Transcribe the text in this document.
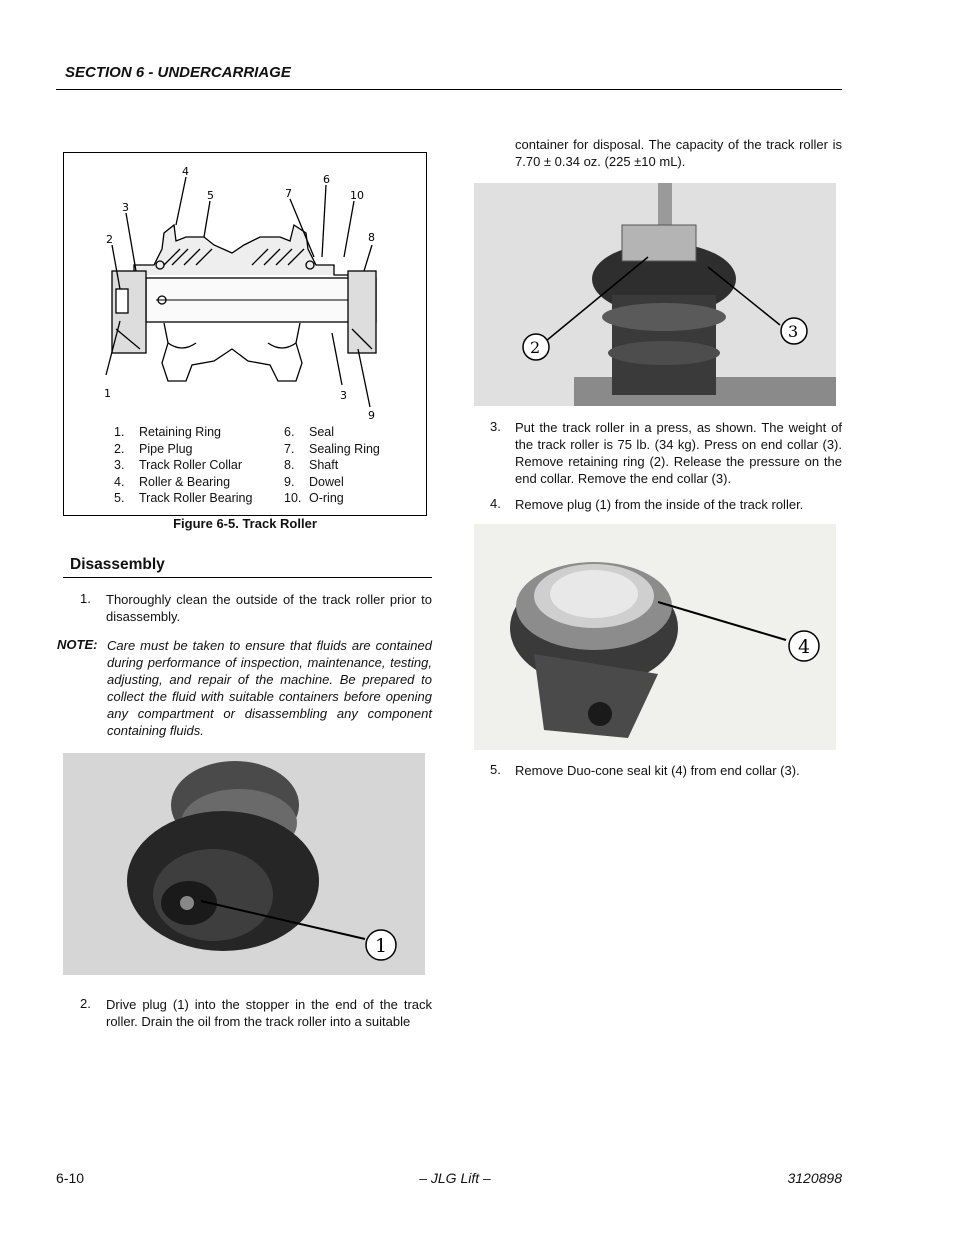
SECTION 6 - UNDERCARRIAGE
4
5
3
2
1
7
6
10
8
3
9
1. Retaining Ring
2. Pipe Plug
3. Track Roller Collar
4. Roller & Bearing
5. Track Roller Bearing
6. Seal
7. Sealing Ring
8. Shaft
9. Dowel
10. O-ring
Figure 6-5. Track Roller
Disassembly
1. Thoroughly clean the outside of the track roller prior to disassembly.
NOTE: Care must be taken to ensure that fluids are contained during performance of inspection, maintenance, testing, adjusting, and repair of the machine. Be prepared to collect the fluid with suitable containers before opening any compartment or disassembling any component containing fluids.
1
2. Drive plug (1) into the stopper in the end of the track roller. Drain the oil from the track roller into a suitable
container for disposal. The capacity of the track roller is 7.70 ± 0.34 oz. (225 ±10 mL).
2
3
3. Put the track roller in a press, as shown. The weight of the track roller is 75 lb. (34 kg). Press on end collar (3). Remove retaining ring (2). Release the pressure on the end collar. Remove the end collar (3).
4. Remove plug (1) from the inside of the track roller.
4
5. Remove Duo-cone seal kit (4) from end collar (3).
6-10	– JLG Lift –	3120898
